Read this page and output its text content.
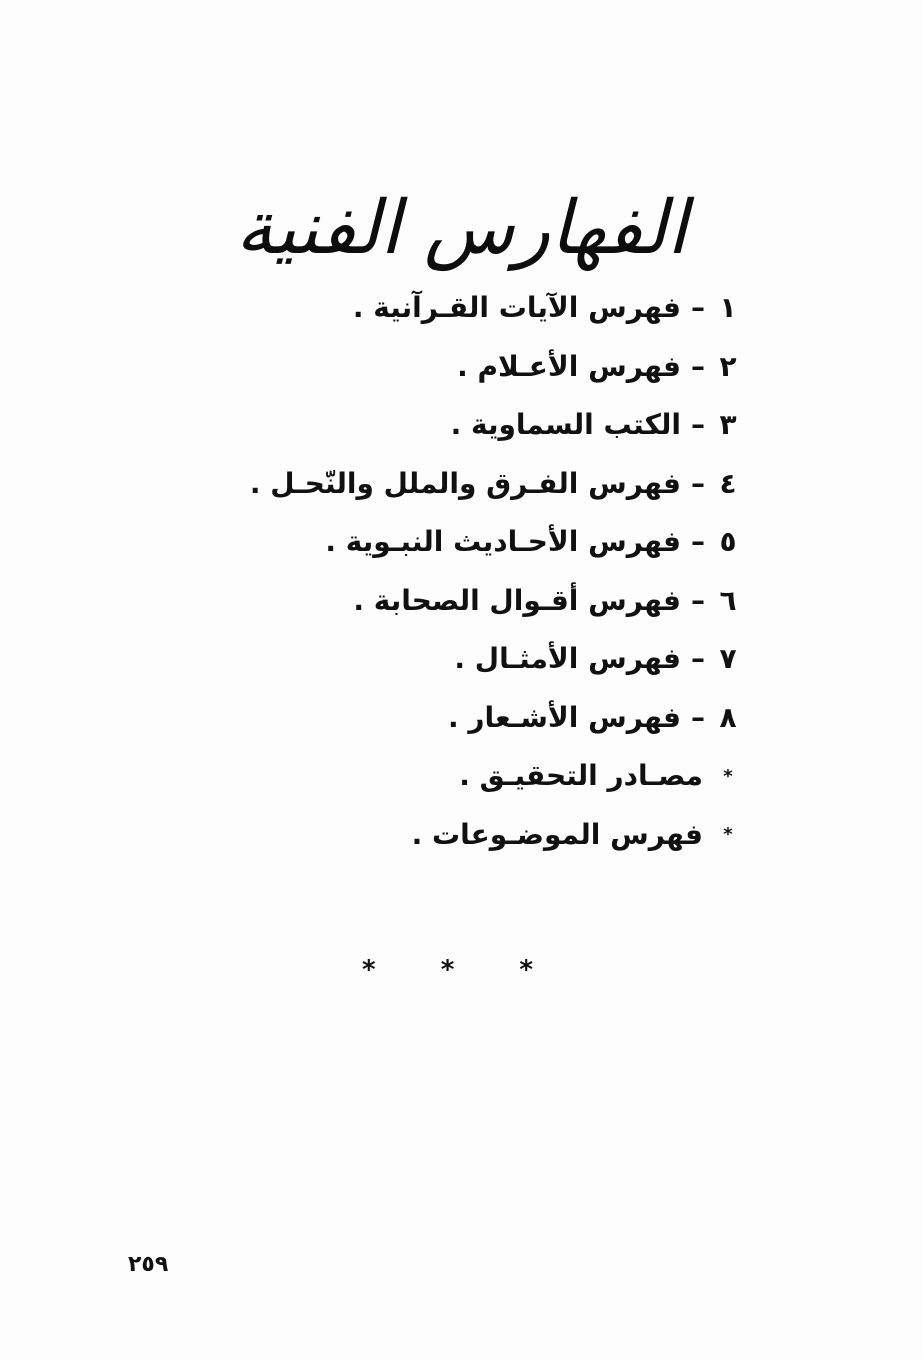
الفهارس الفنية
١–فهرس الآيات القـرآنية .
٢–فهرس الأعـلام .
٣–الكتب السماوية .
٤–فهرس الفـرق والملل والنّحـل .
٥–فهرس الأحـاديث النبـوية .
٦–فهرس أقـوال الصحابة .
٧–فهرس الأمثـال .
٨–فهرس الأشـعار .
*مصـادر التحقيـق .
*فهرس الموضـوعات .
* * *
٢٥٩
